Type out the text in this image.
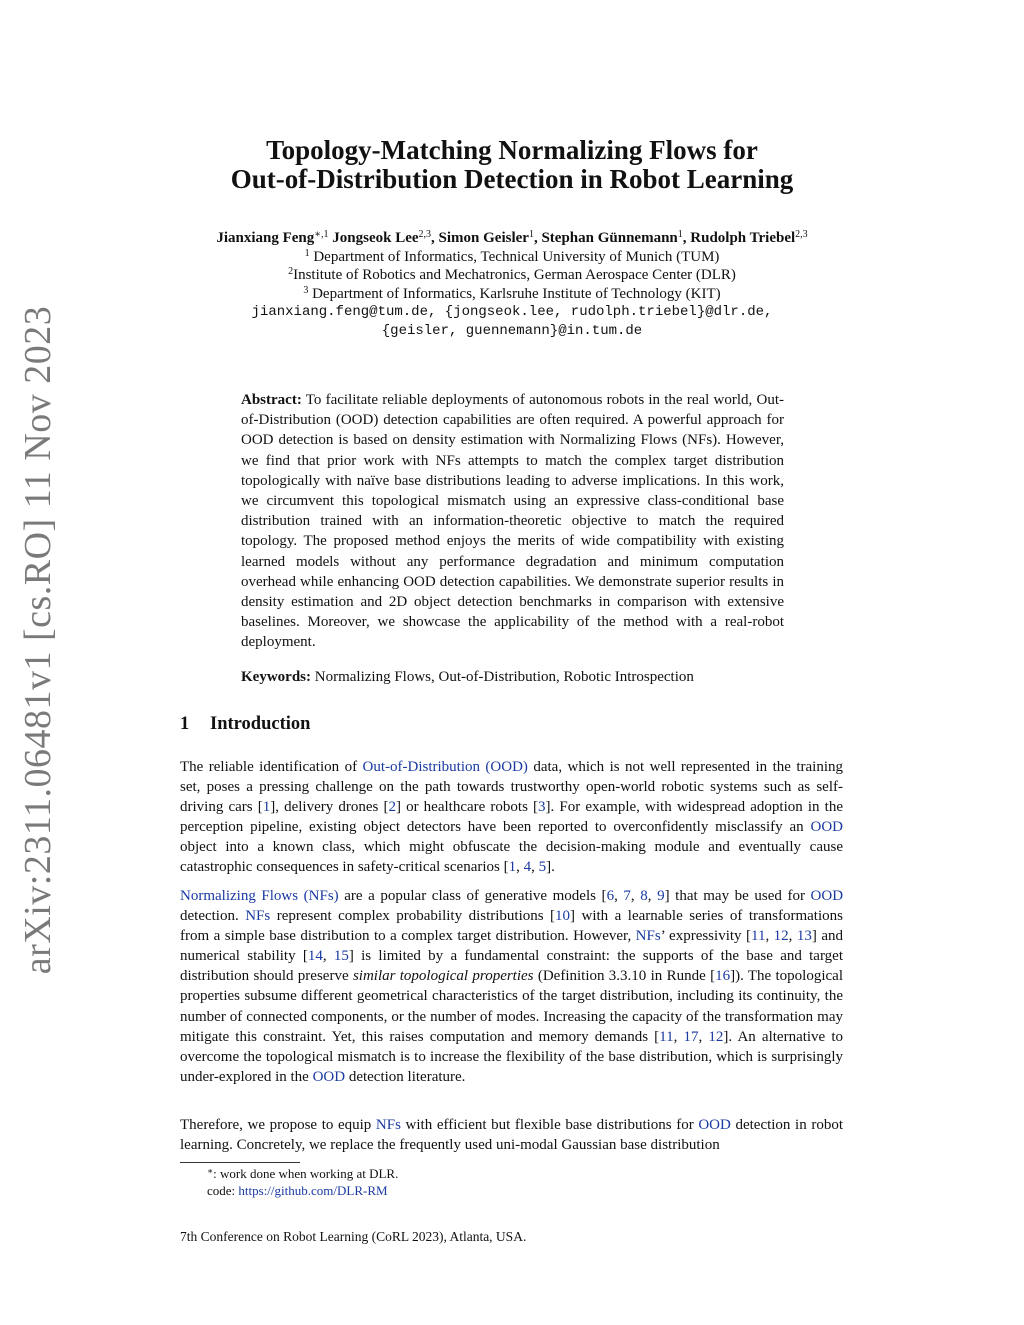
arXiv:2311.06481v1 [cs.RO] 11 Nov 2023
Topology-Matching Normalizing Flows for
Out-of-Distribution Detection in Robot Learning
Jianxiang Feng$^{∗,1}$ Jongseok Lee$^{2,3}$, Simon Geisler$^1$, Stephan Günnemann$^1$, Rudolph Triebel$^{2,3}$
$^1$ Department of Informatics, Technical University of Munich (TUM)
$^2$Institute of Robotics and Mechatronics, German Aerospace Center (DLR)
$^3$ Department of Informatics, Karlsruhe Institute of Technology (KIT)
jianxiang.feng@tum.de, {jongseok.lee, rudolph.triebel}@dlr.de,
{geisler, guennemann}@in.tum.de
Abstract: To facilitate reliable deployments of autonomous robots in the real world, Out-of-Distribution (OOD) detection capabilities are often required. A powerful approach for OOD detection is based on density estimation with Normalizing Flows (NFs). However, we find that prior work with NFs attempts to match the complex target distribution topologically with naïve base distributions leading to adverse implications. In this work, we circumvent this topological mismatch using an expressive class-conditional base distribution trained with an information-theoretic objective to match the required topology. The proposed method enjoys the merits of wide compatibility with existing learned models without any performance degradation and minimum computation overhead while enhancing OOD detection capabilities. We demonstrate superior results in density estimation and 2D object detection benchmarks in comparison with extensive baselines. Moreover, we showcase the applicability of the method with a real-robot deployment.
Keywords: Normalizing Flows, Out-of-Distribution, Robotic Introspection
1 Introduction
The reliable identification of Out-of-Distribution (OOD) data, which is not well represented in the training set, poses a pressing challenge on the path towards trustworthy open-world robotic systems such as self-driving cars [1], delivery drones [2] or healthcare robots [3]. For example, with widespread adoption in the perception pipeline, existing object detectors have been reported to overconfidently misclassify an OOD object into a known class, which might obfuscate the decision-making module and eventually cause catastrophic consequences in safety-critical scenarios [1, 4, 5].
Normalizing Flows (NFs) are a popular class of generative models [6, 7, 8, 9] that may be used for OOD detection. NFs represent complex probability distributions [10] with a learnable series of transformations from a simple base distribution to a complex target distribution. However, NFs’ expressivity [11, 12, 13] and numerical stability [14, 15] is limited by a fundamental constraint: the supports of the base and target distribution should preserve similar topological properties (Definition 3.3.10 in Runde [16]). The topological properties subsume different geometrical characteristics of the target distribution, including its continuity, the number of connected components, or the number of modes. Increasing the capacity of the transformation may mitigate this constraint. Yet, this raises computation and memory demands [11, 17, 12]. An alternative to overcome the topological mismatch is to increase the flexibility of the base distribution, which is surprisingly under-explored in the OOD detection literature.
Therefore, we propose to equip NFs with efficient but flexible base distributions for OOD detection in robot learning. Concretely, we replace the frequently used uni-modal Gaussian base distribution
∗: work done when working at DLR.
code: https://github.com/DLR-RM
7th Conference on Robot Learning (CoRL 2023), Atlanta, USA.
